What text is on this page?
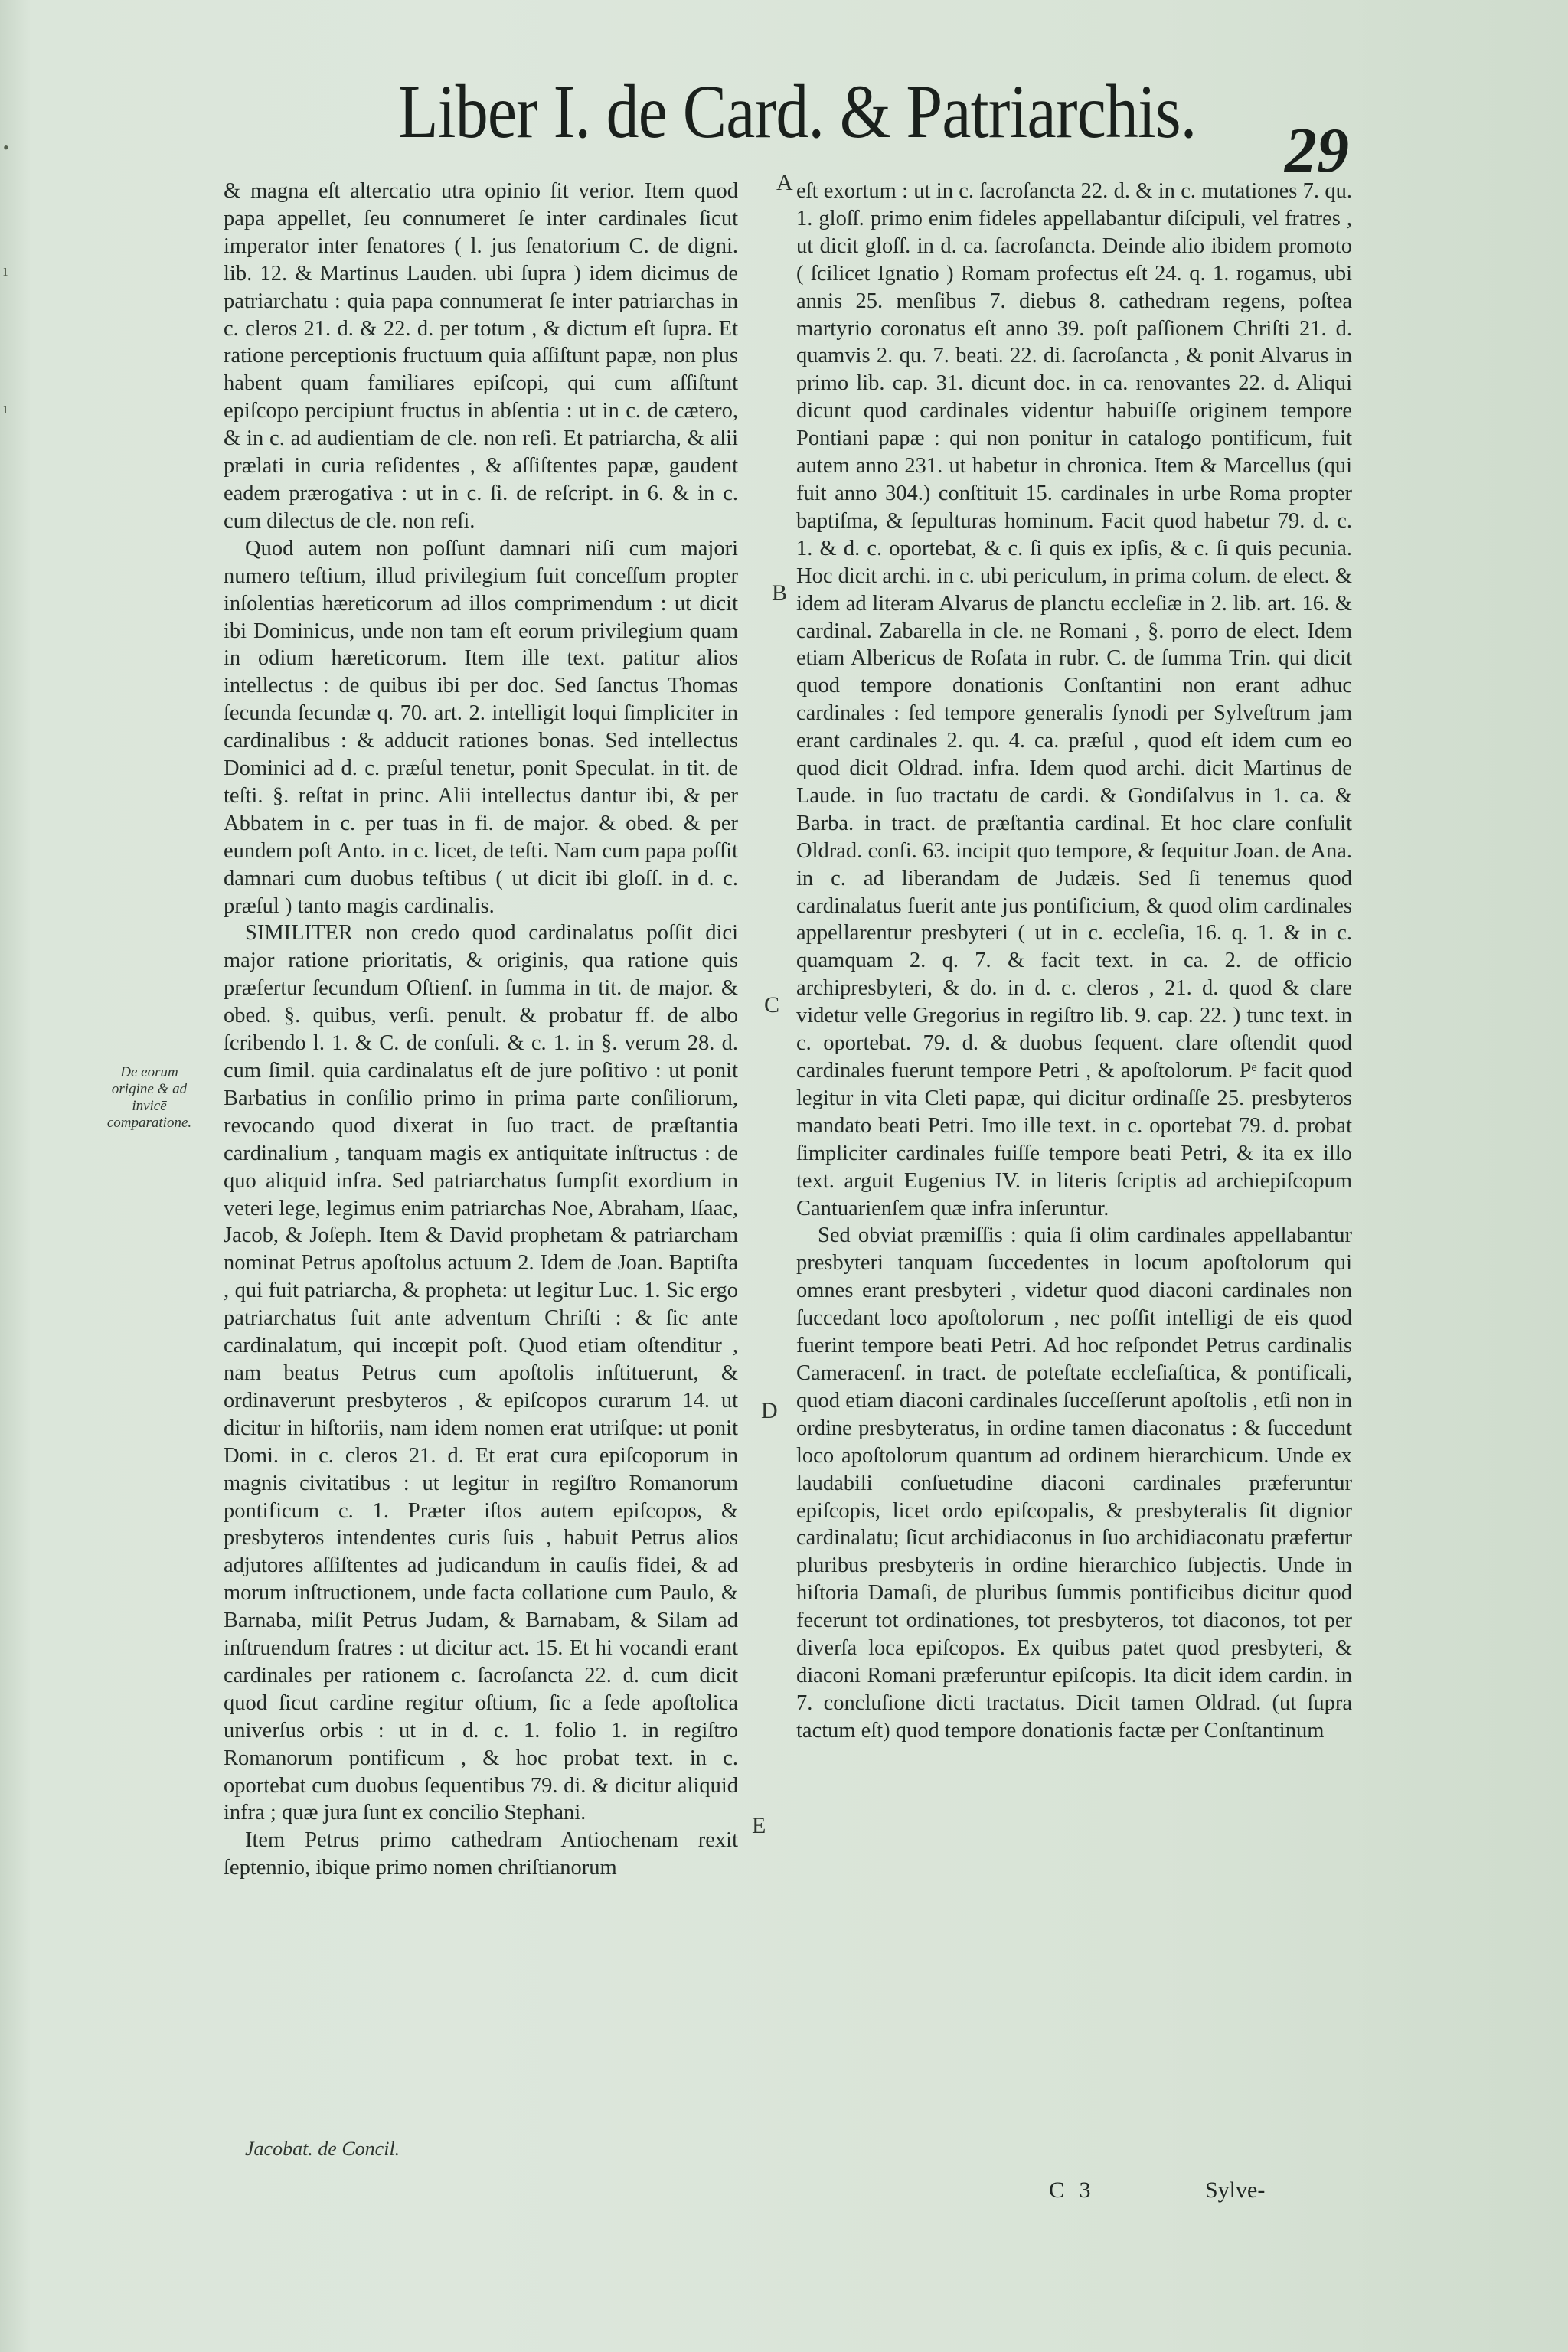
•
ı
ı
Liber I. de Card. & Patriarchis. 29
A
B
C
D
E
De eorum origine & ad invicē comparatione.

& magna eſt altercatio utra opinio ſit verior. Item quod papa appellet, ſeu connumeret ſe inter cardinales ſicut imperator inter ſenatores ( l. jus ſenatorium C. de digni. lib. 12. & Martinus Lauden. ubi ſupra ) idem dicimus de patriarchatu : quia papa connumerat ſe inter patriarchas in c. cleros 21. d. & 22. d. per totum , & dictum eſt ſupra. Et ratione perceptionis fructuum quia aſſiſtunt papæ, non plus habent quam familiares epiſcopi, qui cum aſſiſtunt epiſcopo percipiunt fructus in abſentia : ut in c. de cætero, & in c. ad audientiam de cle. non reſi. Et patriarcha, & alii prælati in curia reſidentes , & aſſiſtentes papæ, gaudent eadem prærogativa : ut in c. ſi. de reſcript. in 6. & in c. cum dilectus de cle. non reſi.

Quod autem non poſſunt damnari niſi cum majori numero teſtium, illud privilegium fuit conceſſum propter inſolentias hæreticorum ad illos comprimendum : ut dicit ibi Dominicus, unde non tam eſt eorum privilegium quam in odium hæreticorum. Item ille text. patitur alios intellectus : de quibus ibi per doc. Sed ſanctus Thomas ſecunda ſecundæ q. 70. art. 2. intelligit loqui ſimpliciter in cardinalibus : & adducit rationes bonas. Sed intellectus Dominici ad d. c. præſul tenetur, ponit Speculat. in tit. de teſti. §. reſtat in princ. Alii intellectus dantur ibi, & per Abbatem in c. per tuas in fi. de major. & obed. & per eundem poſt Anto. in c. licet, de teſti. Nam cum papa poſſit damnari cum duobus teſtibus ( ut dicit ibi gloſſ. in d. c. præſul ) tanto magis cardinalis.

SIMILITER non credo quod cardinalatus poſſit dici major ratione prioritatis, & originis, qua ratione quis præfertur ſecundum Oſtienſ. in ſumma in tit. de major. & obed. §. quibus, verſi. penult. & probatur ff. de albo ſcribendo l. 1. & C. de conſuli. & c. 1. in §. verum 28. d. cum ſimil. quia cardinalatus eſt de jure poſitivo : ut ponit Barbatius in conſilio primo in prima parte conſiliorum, revocando quod dixerat in ſuo tract. de præſtantia cardinalium , tanquam magis ex antiquitate inſtructus : de quo aliquid infra. Sed patriarchatus ſumpſit exordium in veteri lege, legimus enim patriarchas Noe, Abraham, Iſaac, Jacob, & Joſeph. Item & David prophetam & patriarcham nominat Petrus apoſtolus actuum 2. Idem de Joan. Baptiſta , qui fuit patriarcha, & propheta: ut legitur Luc. 1. Sic ergo patriarchatus fuit ante adventum Chriſti : & ſic ante cardinalatum, qui incœpit poſt. Quod etiam oſtenditur , nam beatus Petrus cum apoſtolis inſtituerunt, & ordinaverunt presbyteros , & epiſcopos curarum 14. ut dicitur in hiſtoriis, nam idem nomen erat utriſque: ut ponit Domi. in c. cleros 21. d. Et erat cura epiſcoporum in magnis civitatibus : ut legitur in regiſtro Romanorum pontificum c. 1. Præter iſtos autem epiſcopos, & presbyteros intendentes curis ſuis , habuit Petrus alios adjutores aſſiſtentes ad judicandum in cauſis fidei, & ad morum inſtructionem, unde facta collatione cum Paulo, & Barnaba, miſit Petrus Judam, & Barnabam, & Silam ad inſtruendum fratres : ut dicitur act. 15. Et hi vocandi erant cardinales per rationem c. ſacroſancta 22. d. cum dicit quod ſicut cardine regitur oſtium, ſic a ſede apoſtolica univerſus orbis : ut in d. c. 1. folio 1. in regiſtro Romanorum pontificum , & hoc probat text. in c. oportebat cum duobus ſequentibus 79. di. & dicitur aliquid infra ; quæ jura ſunt ex concilio Stephani.

Item Petrus primo cathedram Antiochenam rexit ſeptennio, ibique primo nomen chriſtianorum

eſt exortum : ut in c. ſacroſancta 22. d. & in c. mutationes 7. qu. 1. gloſſ. primo enim fideles appellabantur diſcipuli, vel fratres , ut dicit gloſſ. in d. ca. ſacroſancta. Deinde alio ibidem promoto ( ſcilicet Ignatio ) Romam profectus eſt 24. q. 1. rogamus, ubi annis 25. menſibus 7. diebus 8. cathedram regens, poſtea martyrio coronatus eſt anno 39. poſt paſſionem Chriſti 21. d. quamvis 2. qu. 7. beati. 22. di. ſacroſancta , & ponit Alvarus in primo lib. cap. 31. dicunt doc. in ca. renovantes 22. d. Aliqui dicunt quod cardinales videntur habuiſſe originem tempore Pontiani papæ : qui non ponitur in catalogo pontificum, fuit autem anno 231. ut habetur in chronica. Item & Marcellus (qui fuit anno 304.) conſtituit 15. cardinales in urbe Roma propter baptiſma, & ſepulturas hominum. Facit quod habetur 79. d. c. 1. & d. c. oportebat, & c. ſi quis ex ipſis, & c. ſi quis pecunia. Hoc dicit archi. in c. ubi periculum, in prima colum. de elect. & idem ad literam Alvarus de planctu eccleſiæ in 2. lib. art. 16. & cardinal. Zabarella in cle. ne Romani , §. porro de elect. Idem etiam Albericus de Roſata in rubr. C. de ſumma Trin. qui dicit quod tempore donationis Conſtantini non erant adhuc cardinales : ſed tempore generalis ſynodi per Sylveſtrum jam erant cardinales 2. qu. 4. ca. præſul , quod eſt idem cum eo quod dicit Oldrad. infra. Idem quod archi. dicit Martinus de Laude. in ſuo tractatu de cardi. & Gondiſalvus in 1. ca. & Barba. in tract. de præſtantia cardinal. Et hoc clare conſulit Oldrad. conſi. 63. incipit quo tempore, & ſequitur Joan. de Ana. in c. ad liberandam de Judæis. Sed ſi tenemus quod cardinalatus fuerit ante jus pontificium, & quod olim cardinales appellarentur presbyteri ( ut in c. eccleſia, 16. q. 1. & in c. quamquam 2. q. 7. & facit text. in ca. 2. de officio archipresbyteri, & do. in d. c. cleros , 21. d. quod & clare videtur velle Gregorius in regiſtro lib. 9. cap. 22. ) tunc text. in c. oportebat. 79. d. & duobus ſequent. clare oſtendit quod cardinales fuerunt tempore Petri , & apoſtolorum. Pᵉ facit quod legitur in vita Cleti papæ, qui dicitur ordinaſſe 25. presbyteros mandato beati Petri. Imo ille text. in c. oportebat 79. d. probat ſimpliciter cardinales fuiſſe tempore beati Petri, & ita ex illo text. arguit Eugenius IV. in literis ſcriptis ad archiepiſcopum Cantuarienſem quæ infra inſeruntur.

Sed obviat præmiſſis : quia ſi olim cardinales appellabantur presbyteri tanquam ſuccedentes in locum apoſtolorum qui omnes erant presbyteri , videtur quod diaconi cardinales non ſuccedant loco apoſtolorum , nec poſſit intelligi de eis quod fuerint tempore beati Petri. Ad hoc reſpondet Petrus cardinalis Cameracenſ. in tract. de poteſtate eccleſiaſtica, & pontificali, quod etiam diaconi cardinales ſucceſſerunt apoſtolis , etſi non in ordine presbyteratus, in ordine tamen diaconatus : & ſuccedunt loco apoſtolorum quantum ad ordinem hierarchicum. Unde ex laudabili conſuetudine diaconi cardinales præferuntur epiſcopis, licet ordo epiſcopalis, & presbyteralis ſit dignior cardinalatu; ſicut archidiaconus in ſuo archidiaconatu præfertur pluribus presbyteris in ordine hierarchico ſubjectis. Unde in hiſtoria Damaſi, de pluribus ſummis pontificibus dicitur quod fecerunt tot ordinationes, tot presbyteros, tot diaconos, tot per diverſa loca epiſcopos. Ex quibus patet quod presbyteri, & diaconi Romani præferuntur epiſcopis. Ita dicit idem cardin. in 7. concluſione dicti tractatus. Dicit tamen Oldrad. (ut ſupra tactum eſt) quod tempore donationis factæ per Conſtantinum

Jacobat. de Concil.
C 3	Sylve-
